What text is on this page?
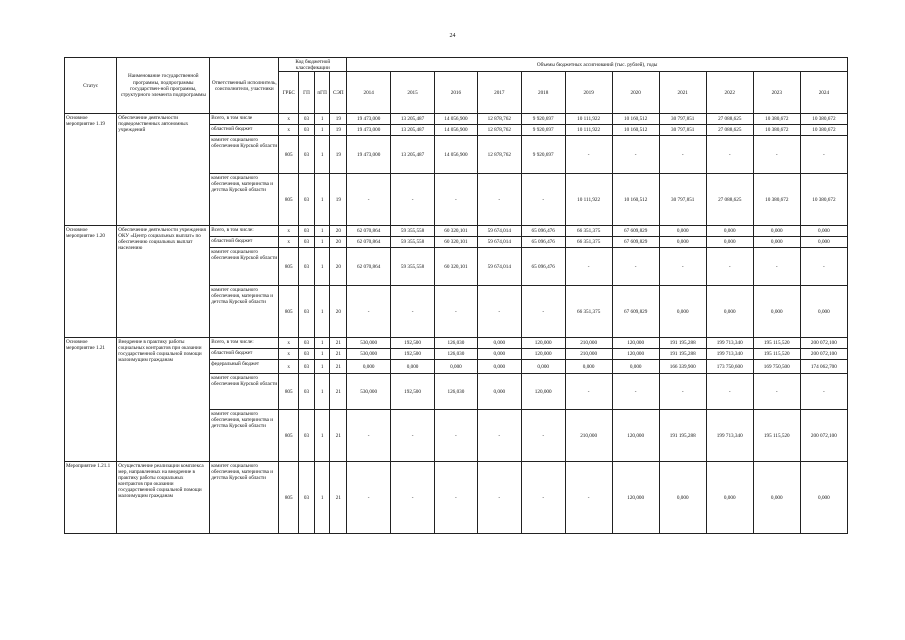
24
Статус	Наименование государственной программы, подпрограммы государствен-ной программы, структурного элемента подпрограммы	Ответственный исполнитель, соисполнители, участники	Код бюджетной классификации				Объемы бюджетных ассигнований (тыс. рублей), годы										
			ГРБС	ГП	пГП	СЭП	2014	2015	2016	2017	2018	2019	2020	2021	2022	2023	2024
Основное мероприятие 1.19	Обеспечение деятельности подведомственных автономных учреждений	Всего, в том числе	x	03	1	19	19 473,000	13 205,487	14 056,900	12 878,762	9 920,697	10 111,922	10 160,512	30 797,851	27 088,625	10 380,672	10 380,672
		областной бюджет	x	03	1	19	19 473,000	13 205,487	14 056,900	12 878,762	9 920,697	10 111,922	10 160,512	30 797,851	27 088,625	10 380,672	10 380,672
		комитет социального обеспечения Курской области	805	03	1	19	19 473,000	13 205,487	14 056,900	12 878,762	9 920,697	-	-	-	-	-	-
		комитет социального обеспечения, материнства и детства Курской области	805	03	1	19	-	-	-	-	-	10 111,922	10 160,512	30 797,851	27 088,625	10 380,672	10 380,672
Основное мероприятие 1.20	Обеспечение деятельности учреждения ОКУ «Центр социальных выплат» по обеспечению социальных выплат населению	Всего, в том числе:	x	03	1	20	62 070,864	59 355,558	60 320,101	59 674,014	65 096,476	66 351,375	67 609,829	0,000	0,000	0,000	0,000
		областной бюджет	x	03	1	20	62 070,864	59 355,558	60 320,101	59 674,014	65 096,476	66 351,375	67 609,829	0,000	0,000	0,000	0,000
		комитет социального обеспечения Курской области	805	03	1	20	62 070,864	59 355,558	60 320,101	59 674,014	65 096,476	-	-	-	-	-	-
		комитет социального обеспечения, материнства и детства Курской области	805	03	1	20	-	-	-	-	-	66 351,375	67 609,829	0,000	0,000	0,000	0,000
Основное мероприятие 1.21	Внедрение в практику работы социальных контрактов при оказании государственной социальной помощи малоимущим гражданам	Всего, в том числе:	x	03	1	21	530,000	192,500	126,030	0,000	120,000	210,000	120,000	191 195,288	199 713,340	195 115,520	200 072,100
		областной бюджет	x	03	1	21	530,000	192,500	126,030	0,000	120,000	210,000	120,000	191 195,288	199 713,340	195 115,520	200 072,100
		федеральный бюджет	x	03	1	21	0,000	0,000	0,000	0,000	0,000	0,000	0,000	166 339,900	173 750,600	169 750,500	174 062,700
		комитет социального обеспечения Курской области	805	03	1	21	530,000	192,500	126,030	0,000	120,000	-	-	-	-	-	-
		комитет социального обеспечения, материнства и детства Курской области	805	03	1	21	-	-	-	-	-	210,000	120,000	191 195,288	199 713,340	195 115,520	200 072,100
Мероприятие 1.21.1	Осуществление реализации комплекса мер, направленных на внедрение в практику работы социальных контрактов при оказании государственной социальной помощи малоимущим гражданам	комитет социального обеспечения, материнства и детства Курской области	805	03	1	21	-	-	-	-	-	-	120,000	0,000	0,000	0,000	0,000
